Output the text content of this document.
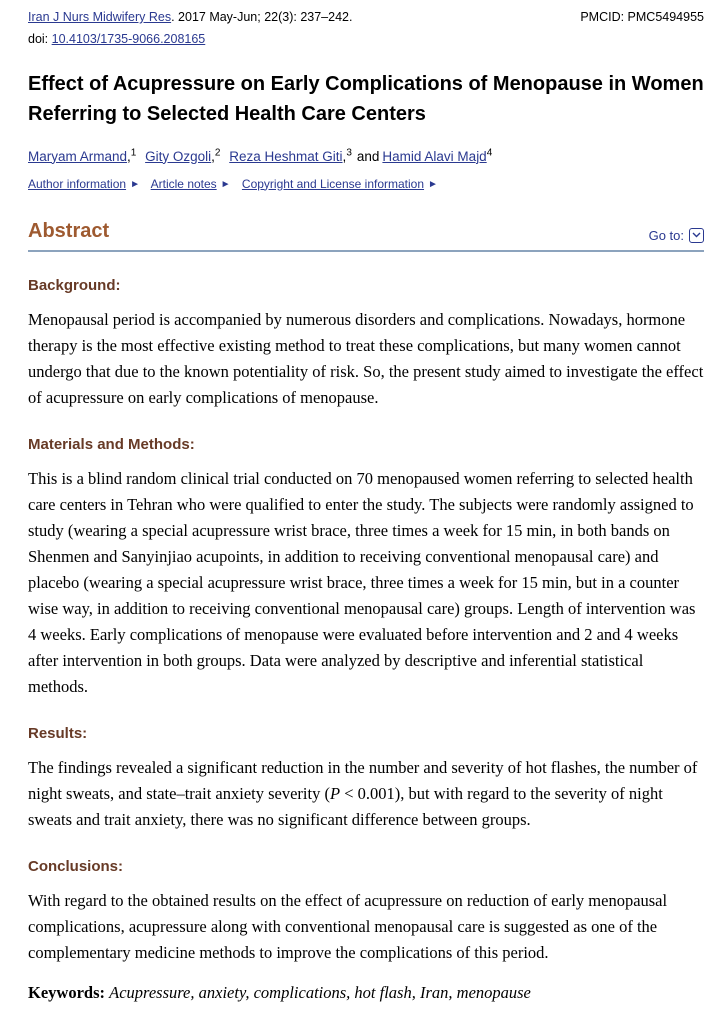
Iran J Nurs Midwifery Res. 2017 May-Jun; 22(3): 237–242.	PMCID: PMC5494955
doi: 10.4103/1735-9066.208165
Effect of Acupressure on Early Complications of Menopause in Women Referring to Selected Health Care Centers
Maryam Armand,$^1$ Gity Ozgoli,$^2$ Reza Heshmat Giti,$^3$ and Hamid Alavi Majd$^4$
Author information ► Article notes ► Copyright and License information ►
Abstract	Go to:
Background:

Menopausal period is accompanied by numerous disorders and complications. Nowadays, hormone therapy is the most effective existing method to treat these complications, but many women cannot undergo that due to the known potentiality of risk. So, the present study aimed to investigate the effect of acupressure on early complications of menopause.

Materials and Methods:

This is a blind random clinical trial conducted on 70 menopaused women referring to selected health care centers in Tehran who were qualified to enter the study. The subjects were randomly assigned to study (wearing a special acupressure wrist brace, three times a week for 15 min, in both bands on Shenmen and Sanyinjiao acupoints, in addition to receiving conventional menopausal care) and placebo (wearing a special acupressure wrist brace, three times a week for 15 min, but in a counter wise way, in addition to receiving conventional menopausal care) groups. Length of intervention was 4 weeks. Early complications of menopause were evaluated before intervention and 2 and 4 weeks after intervention in both groups. Data were analyzed by descriptive and inferential statistical methods.

Results:

The findings revealed a significant reduction in the number and severity of hot flashes, the number of night sweats, and state–trait anxiety severity (P < 0.001), but with regard to the severity of night sweats and trait anxiety, there was no significant difference between groups.

Conclusions:

With regard to the obtained results on the effect of acupressure on reduction of early menopausal complications, acupressure along with conventional menopausal care is suggested as one of the complementary medicine methods to improve the complications of this period.

Keywords: Acupressure, anxiety, complications, hot flash, Iran, menopause
